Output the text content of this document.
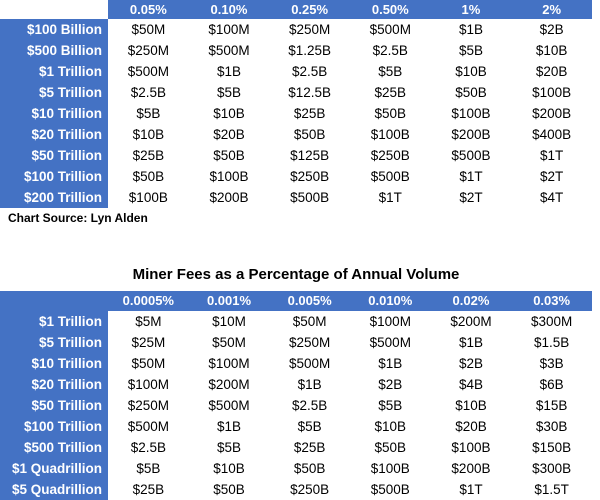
	0.05%	0.10%	0.25%	0.50%	1%	2%
$100 Billion	$50M	$100M	$250M	$500M	$1B	$2B
$500 Billion	$250M	$500M	$1.25B	$2.5B	$5B	$10B
$1 Trillion	$500M	$1B	$2.5B	$5B	$10B	$20B
$5 Trillion	$2.5B	$5B	$12.5B	$25B	$50B	$100B
$10 Trillion	$5B	$10B	$25B	$50B	$100B	$200B
$20 Trillion	$10B	$20B	$50B	$100B	$200B	$400B
$50 Trillion	$25B	$50B	$125B	$250B	$500B	$1T
$100 Trillion	$50B	$100B	$250B	$500B	$1T	$2T
$200 Trillion	$100B	$200B	$500B	$1T	$2T	$4T
Chart Source: Lyn Alden
Miner Fees as a Percentage of Annual Volume
	0.0005%	0.001%	0.005%	0.010%	0.02%	0.03%
$1 Trillion	$5M	$10M	$50M	$100M	$200M	$300M
$5 Trillion	$25M	$50M	$250M	$500M	$1B	$1.5B
$10 Trillion	$50M	$100M	$500M	$1B	$2B	$3B
$20 Trillion	$100M	$200M	$1B	$2B	$4B	$6B
$50 Trillion	$250M	$500M	$2.5B	$5B	$10B	$15B
$100 Trillion	$500M	$1B	$5B	$10B	$20B	$30B
$500 Trillion	$2.5B	$5B	$25B	$50B	$100B	$150B
$1 Quadrillion	$5B	$10B	$50B	$100B	$200B	$300B
$5 Quadrillion	$25B	$50B	$250B	$500B	$1T	$1.5T
